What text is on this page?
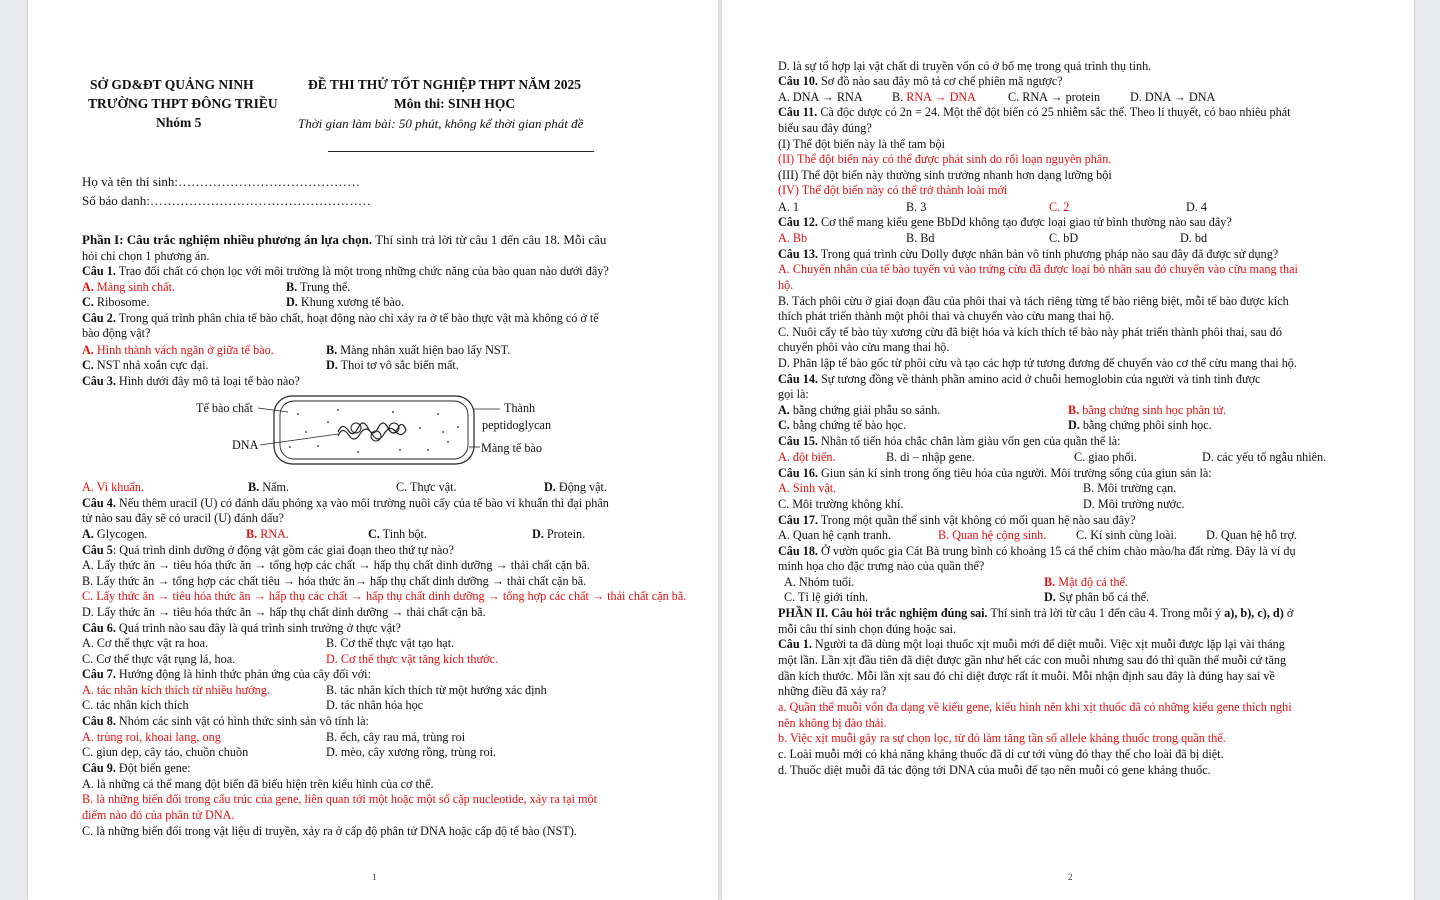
SỞ GD&ĐT QUẢNG NINH
TRƯỜNG THPT ĐÔNG TRIỀU
Nhóm 5
ĐỀ THI THỬ TỐT NGHIỆP THPT NĂM 2025
Môn thi: SINH HỌC
Thời gian làm bài: 50 phút, không kể thời gian phát đề
Họ và tên thí sinh:……………………………………
Số báo danh:……………………………………………
Phần I: Câu trắc nghiệm nhiều phương án lựa chọn. Thí sinh trả lời từ câu 1 đến câu 18. Mỗi câu
hỏi chỉ chọn 1 phương án.
Câu 1. Trao đổi chất có chọn lọc với môi trường là một trong những chức năng của bào quan nào dưới đây?
A. Màng sinh chất.	B. Trung thể.
C. Ribosome.	D. Khung xương tế bào.
Câu 2. Trong quá trình phân chia tế bào chất, hoạt động nào chỉ xảy ra ở tế bào thực vật mà không có ở tế
bào động vật?
A. Hình thành vách ngăn ở giữa tế bào.	B. Màng nhân xuất hiện bao lấy NST.
C. NST nhả xoắn cực đại.	D. Thoi tơ vô sắc biến mất.
Câu 3. Hình dưới đây mô tả loại tế bào nào?
Tế bào chất
DNA
Thành
peptidoglycan
Màng tế bào
A. Vi khuẩn.	B. Nấm.	C. Thực vật.	D. Động vật.
Câu 4. Nếu thêm uracil (U) có đánh dấu phóng xạ vào môi trường nuôi cấy của tế bào vi khuẩn thì đại phân
tử nào sau đây sẽ có uracil (U) đánh dấu?
A. Glycogen.	B. RNA.	C. Tinh bột.	D. Protein.
Câu 5: Quá trình dinh dưỡng ở động vật gồm các giai đoạn theo thứ tự nào?
A. Lấy thức ăn → tiêu hóa thức ăn → tổng hợp các chất → hấp thụ chất dinh dưỡng → thải chất cặn bã.
B. Lấy thức ăn → tổng hợp các chất tiêu → hóa thức ăn→ hấp thụ chất dinh dưỡng → thải chất cặn bã.
C. Lấy thức ăn → tiêu hóa thức ăn → hấp thụ các chất → hấp thụ chất dinh dưỡng → tổng hợp các chất → thải chất cặn bã.
D. Lấy thức ăn → tiêu hóa thức ăn → hấp thụ chất dinh dưỡng → thải chất cặn bã.
Câu 6. Quá trình nào sau đây là quá trình sinh trưởng ở thực vật?
A. Cơ thể thực vật ra hoa.	B. Cơ thể thực vật tạo hạt.
C. Cơ thể thực vật rụng lá, hoa.	D. Cơ thể thực vật tăng kích thước.
Câu 7. Hướng động là hình thức phản ứng của cây đối với:
A. tác nhân kích thích từ nhiều hướng.	B. tác nhân kích thích từ một hướng xác định
C. tác nhân kích thích	D. tác nhân hóa học
Câu 8. Nhóm các sinh vật có hình thức sinh sản vô tính là:
A. trùng roi, khoai lang, ong	B. ếch, cây rau má, trùng roi
C. giun dẹp, cây táo, chuồn chuồn	D. mèo, cây xương rồng, trùng roi.
Câu 9. Đột biến gene:
A. là những cá thể mang đột biến đã biểu hiện trên kiểu hình của cơ thể.
B. là những biến đổi trong cấu trúc của gene, liên quan tới một hoặc một số cặp nucleotide, xảy ra tại một
điểm nào đó của phân tử DNA.
C. là những biến đổi trong vật liệu di truyền, xảy ra ở cấp độ phân tử DNA hoặc cấp độ tế bào (NST).
1
D. là sự tổ hợp lại vật chất di truyền vốn có ở bố mẹ trong quá trình thụ tinh.
Câu 10. Sơ đồ nào sau đây mô tả cơ chế phiên mã ngược?
A. DNA → RNA B. RNA → DNA	C. RNA → protein D. DNA → DNA
Câu 11. Cà độc dược có 2n = 24. Một thể đột biến có 25 nhiễm sắc thể. Theo lí thuyết, có bao nhiêu phát
biểu sau đây đúng?
(I) Thể đột biến này là thể tam bội
(II) Thể đột biến này có thể được phát sinh do rối loạn nguyên phân.
(III) Thể đột biến này thường sinh trưởng nhanh hơn dạng lưỡng bội
(IV) Thể đột biến này có thể trở thành loài mới
A. 1	B. 3	C. 2	D. 4
Câu 12. Cơ thể mang kiểu gene BbDd không tạo được loại giao tử bình thường nào sau đây?
A. Bb	B. Bd	C. bD	D. bd
Câu 13. Trong quá trình cừu Dolly được nhân bản vô tính phương pháp nào sau đây đã được sử dụng?
A. Chuyển nhân của tế bào tuyến vú vào trứng cừu đã được loại bỏ nhân sau đó chuyển vào cừu mang thai
hộ.
B. Tách phôi cừu ở giai đoạn đầu của phôi thai và tách riêng từng tế bào riêng biệt, mỗi tế bào được kích
thích phát triển thành một phôi thai và chuyển vào cừu mang thai hộ.
C. Nuôi cấy tế bào tủy xương cừu đã biệt hóa và kích thích tế bào này phát triển thành phôi thai, sau đó
chuyển phôi vào cừu mang thai hộ.
D. Phân lập tế bào gốc từ phôi cừu và tạo các hợp tử tương đương để chuyển vào cơ thể cừu mang thai hộ.
Câu 14. Sự tương đồng về thành phần amino acid ở chuỗi hemoglobin của người và tinh tinh được
gọi là:
A. bằng chứng giải phẫu so sánh.	B. bằng chứng sinh học phân tử.
C. bằng chứng tế bào học.	D. bằng chứng phôi sinh học.
Câu 15. Nhân tố tiến hóa chắc chắn làm giàu vốn gen của quần thể là:
A. đột biến.	B. di – nhập gene.	C. giao phối.	D. các yếu tố ngẫu nhiên.
Câu 16. Giun sán kí sinh trong ống tiêu hóa của người. Môi trường sống của giun sán là:
A. Sinh vật.	B. Môi trường cạn.
C. Môi trường không khí.	D. Môi trường nước.
Câu 17. Trong một quần thể sinh vật không có mối quan hệ nào sau đây?
A. Quan hệ cạnh tranh.	B. Quan hệ cộng sinh. C. Kí sinh cùng loài. D. Quan hệ hỗ trợ.
Câu 18. Ở vườn quốc gia Cát Bà trung bình có khoảng 15 cá thể chim chào mào/ha đất rừng. Đây là ví dụ
minh họa cho đặc trưng nào của quần thể?
A. Nhóm tuổi.	B. Mật độ cá thể.
C. Tỉ lệ giới tính.	D. Sự phân bố cá thể.
PHẦN II. Câu hỏi trắc nghiệm đúng sai. Thí sinh trả lời từ câu 1 đến câu 4. Trong mỗi ý a), b), c), d) ở
mỗi câu thí sinh chọn đúng hoặc sai.
Câu 1. Người ta đã dùng một loại thuốc xịt muỗi mới để diệt muỗi. Việc xịt muỗi được lặp lại vài tháng
một lần. Lần xịt đầu tiên đã diệt được gần như hết các con muỗi nhưng sau đó thì quần thể muỗi cứ tăng
dần kích thước. Mỗi lần xịt sau đó chỉ diệt được rất ít muỗi. Mỗi nhận định sau đây là đúng hay sai về
những điều đã xảy ra?
a. Quần thể muỗi vốn đa dạng về kiểu gene, kiểu hình nên khi xịt thuốc đã có những kiểu gene thích nghi
nên không bị đào thải.
b. Việc xịt muỗi gây ra sự chọn lọc, từ đó làm tăng tần số allele kháng thuốc trong quần thể.
c. Loài muỗi mới có khả năng kháng thuốc đã di cư tới vùng đó thay thế cho loài đã bị diệt.
d. Thuốc diệt muỗi đã tác động tới DNA của muỗi để tạo nên muỗi có gene kháng thuốc.
2
